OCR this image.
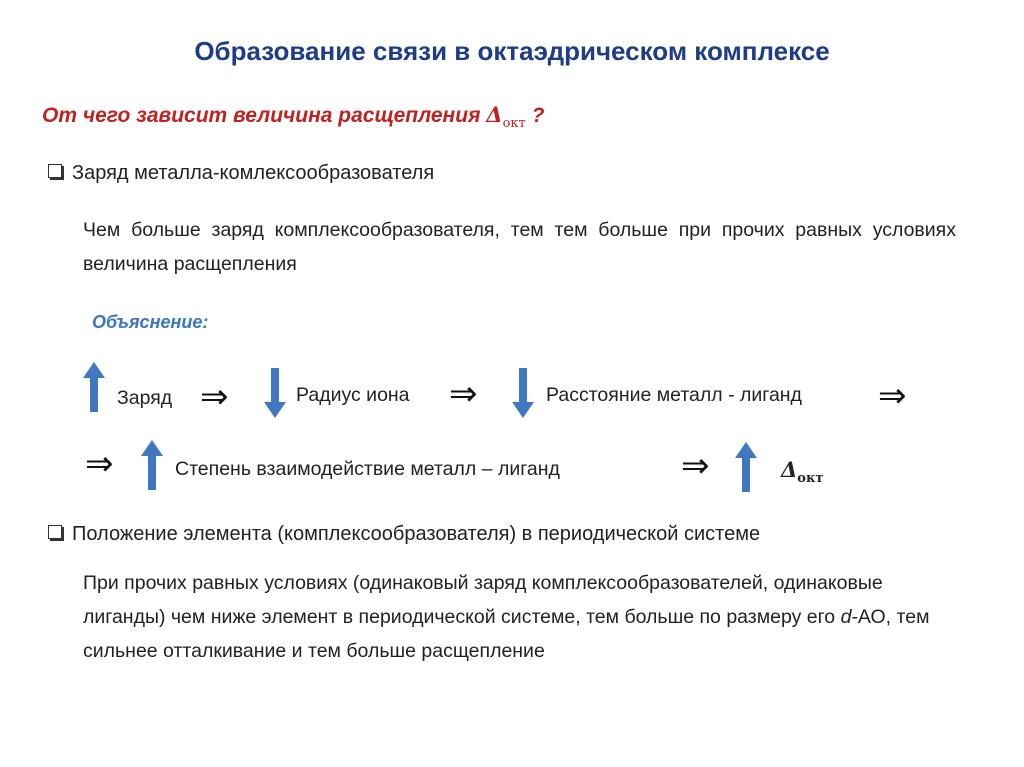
Образование связи в октаэдрическом комплексе
От чего зависит величина расщепления $\Delta_{окт}$ ?
Заряд металла-комлексообразователя
Чем больше заряд комплексообразователя, тем тем больше при прочих равных условиях величина расщепления
Объяснение:
Заряд ⇒	Радиус иона ⇒	Расстояние металл - лиганд ⇒
⇒	Степень взаимодействие металл – лиганд	⇒	$\Delta_{окт}$
Положение элемента (комплексообразователя) в периодической системе
При прочих равных условиях (одинаковый заряд комплексообразователей, одинаковые лиганды) чем ниже элемент в периодической системе, тем больше по размеру его d-АО, тем сильнее отталкивание и тем больше расщепление
